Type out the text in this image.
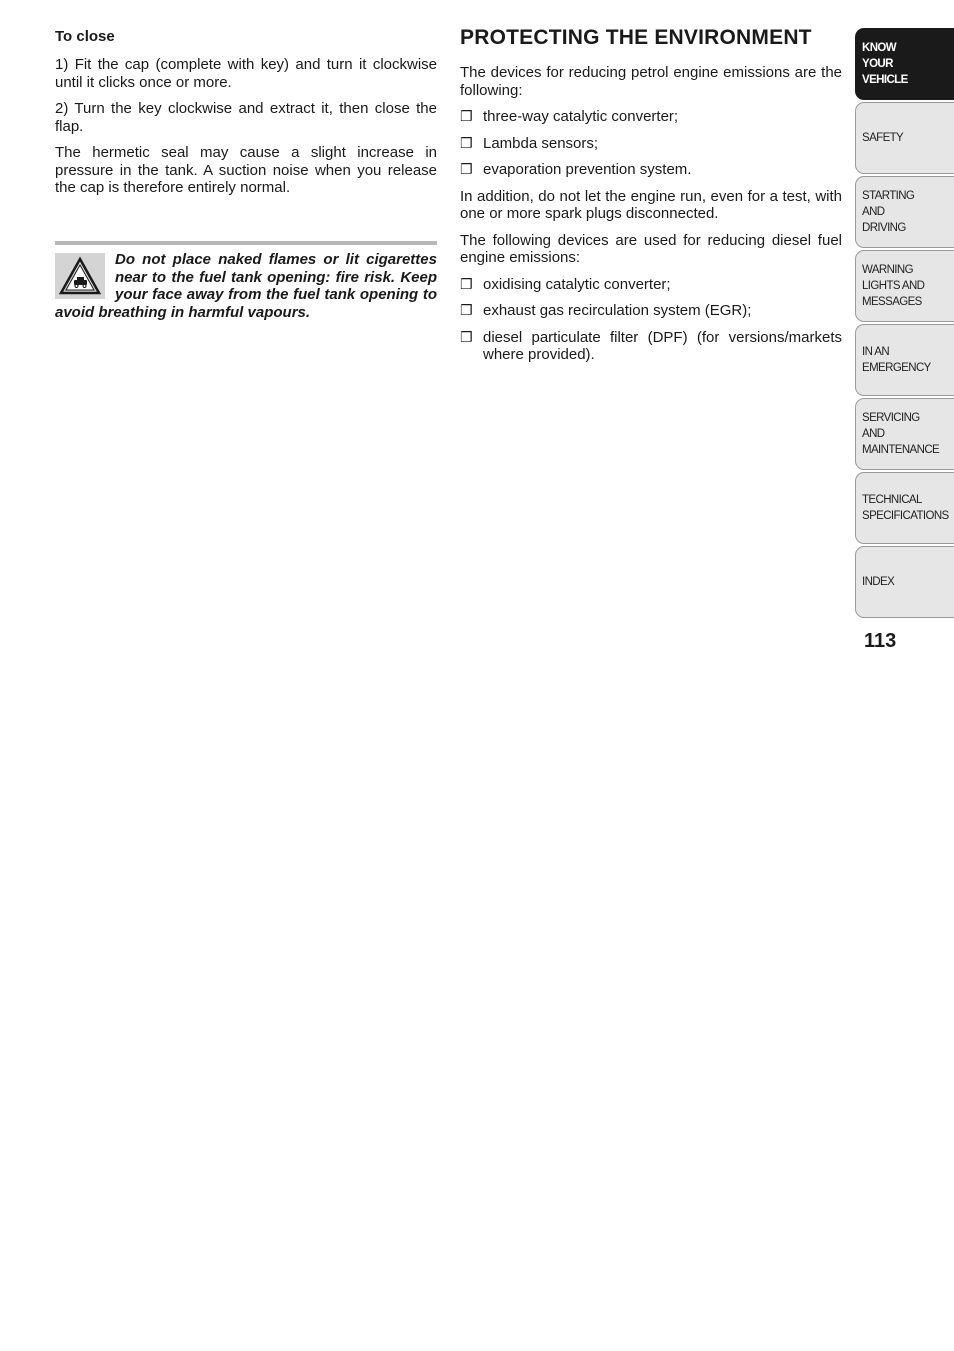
To close

1) Fit the cap (complete with key) and turn it clockwise until it clicks once or more.

2) Turn the key clockwise and extract it, then close the flap.

The hermetic seal may cause a slight increase in pressure in the tank. A suction noise when you release the cap is therefore entirely normal.

Do not place naked flames or lit cigarettes near to the fuel tank opening: fire risk. Keep your face away from the fuel tank opening to avoid breathing in harmful vapours.

PROTECTING THE ENVIRONMENT

The devices for reducing petrol engine emissions are the following:

❒ three-way catalytic converter;
❒ Lambda sensors;
❒ evaporation prevention system.

In addition, do not let the engine run, even for a test, with one or more spark plugs disconnected.

The following devices are used for reducing diesel fuel engine emissions:

❒ oxidising catalytic converter;
❒ exhaust gas recirculation system (EGR);
❒ diesel particulate filter (DPF) (for versions/markets where provided).
KNOW
YOUR
VEHICLE
SAFETY
STARTING
AND
DRIVING
WARNING
LIGHTS AND
MESSAGES
IN AN
EMERGENCY
SERVICING
AND
MAINTENANCE
TECHNICAL
SPECIFICATIONS
INDEX
113
